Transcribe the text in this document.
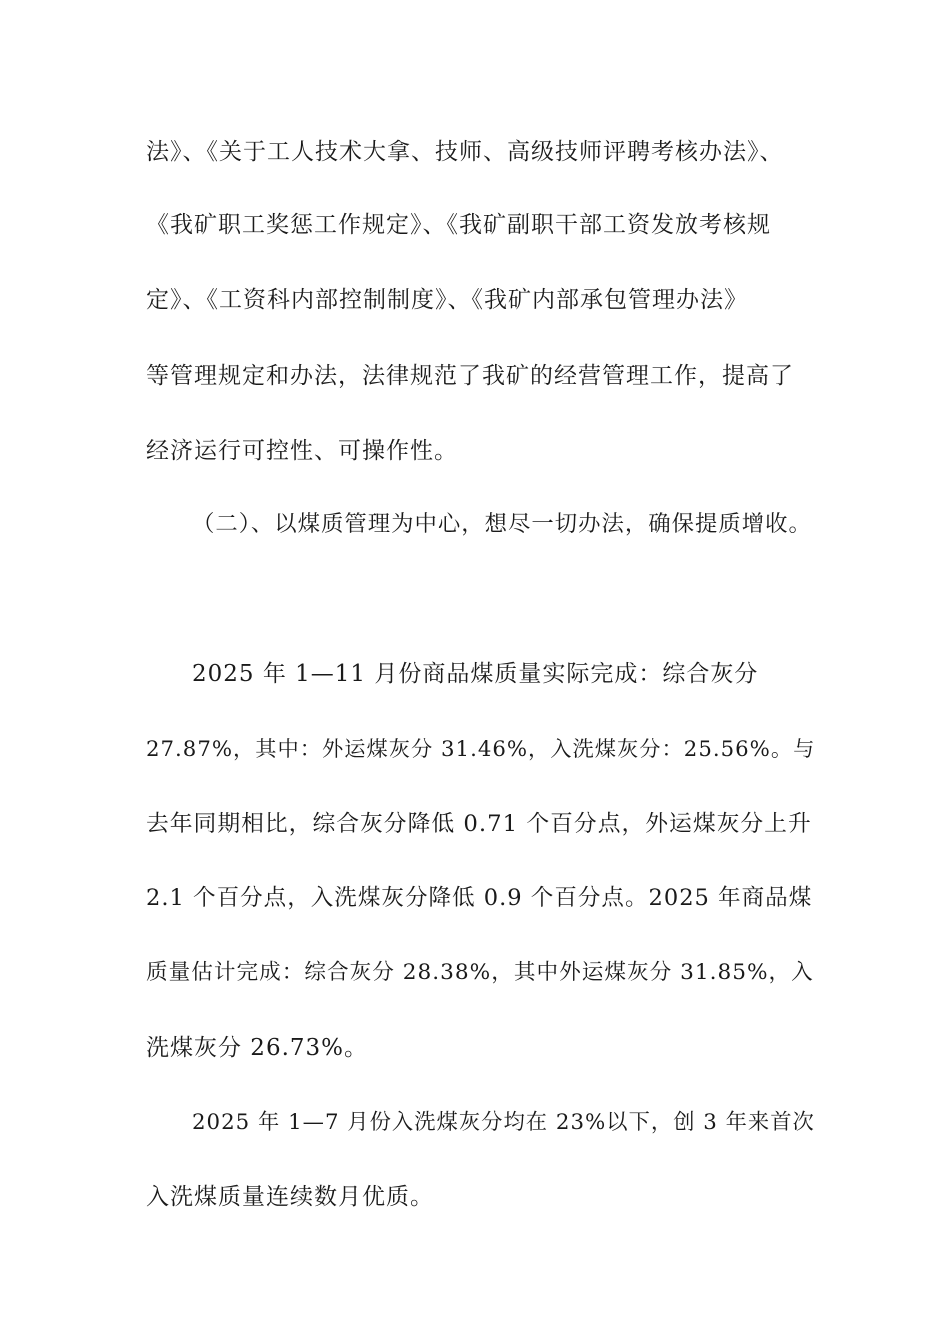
法》、《关于工人技术大拿、技师、高级技师评聘考核办法》、

《我矿职工奖惩工作规定》、《我矿副职干部工资发放考核规

定》、《工资科内部控制制度》、《我矿内部承包管理办法》

等管理规定和办法，法律规范了我矿的经营管理工作，提高了

经济运行可控性、可操作性。

（二）、以煤质管理为中心，想尽一切办法，确保提质增收。

2025 年 1—11 月份商品煤质量实际完成：综合灰分

27.87%，其中：外运煤灰分 31.46%，入洗煤灰分：25.56%。与

去年同期相比，综合灰分降低 0.71 个百分点，外运煤灰分上升

2.1 个百分点，入洗煤灰分降低 0.9 个百分点。2025 年商品煤

质量估计完成：综合灰分 28.38%，其中外运煤灰分 31.85%，入

洗煤灰分 26.73%。

2025 年 1—7 月份入洗煤灰分均在 23%以下，创 3 年来首次

入洗煤质量连续数月优质。
